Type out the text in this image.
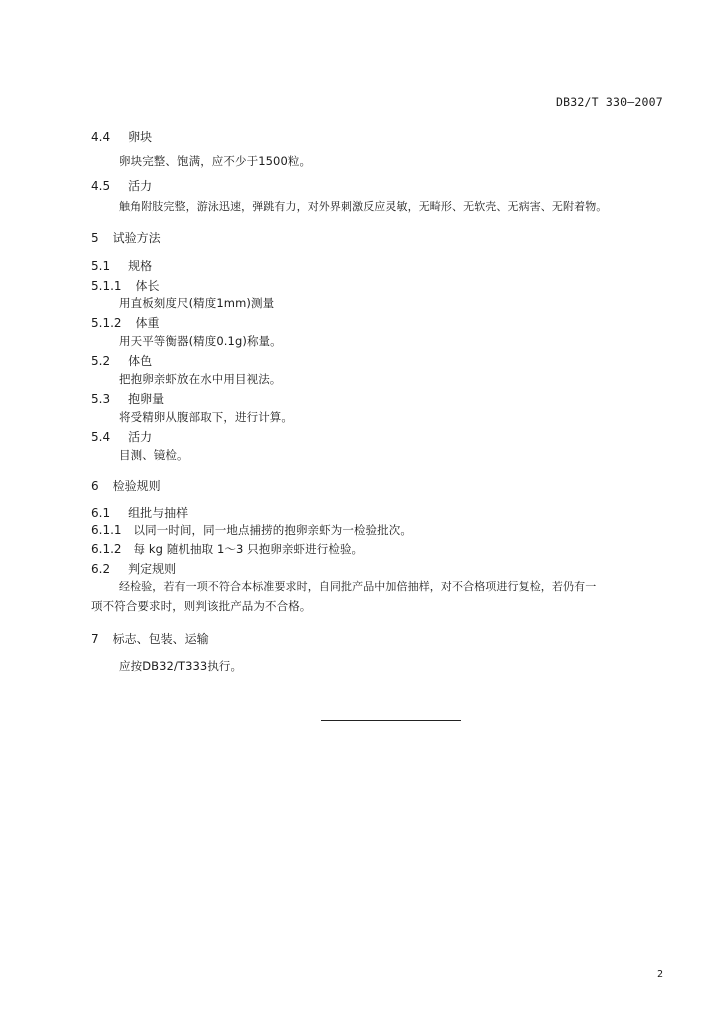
DB32/T 330—2007
4.4 卵块
卵块完整、饱满，应不少于1500粒。
4.5 活力
触角附肢完整，游泳迅速，弹跳有力，对外界刺激反应灵敏，无畸形、无软壳、无病害、无附着物。
5 试验方法
5.1 规格
5.1.1 体长
用直板刻度尺(精度1mm)测量
5.1.2 体重
用天平等衡器(精度0.1g)称量。
5.2 体色
把抱卵亲虾放在水中用目视法。
5.3 抱卵量
将受精卵从腹部取下，进行计算。
5.4 活力
目测、镜检。
6 检验规则
6.1 组批与抽样
6.1.1 以同一时间，同一地点捕捞的抱卵亲虾为一检验批次。
6.1.2 每 kg 随机抽取 1～3 只抱卵亲虾进行检验。
6.2 判定规则
经检验，若有一项不符合本标准要求时，自同批产品中加倍抽样，对不合格项进行复检，若仍有一
项不符合要求时，则判该批产品为不合格。
7 标志、包装、运输
应按DB32/T333执行。
2
